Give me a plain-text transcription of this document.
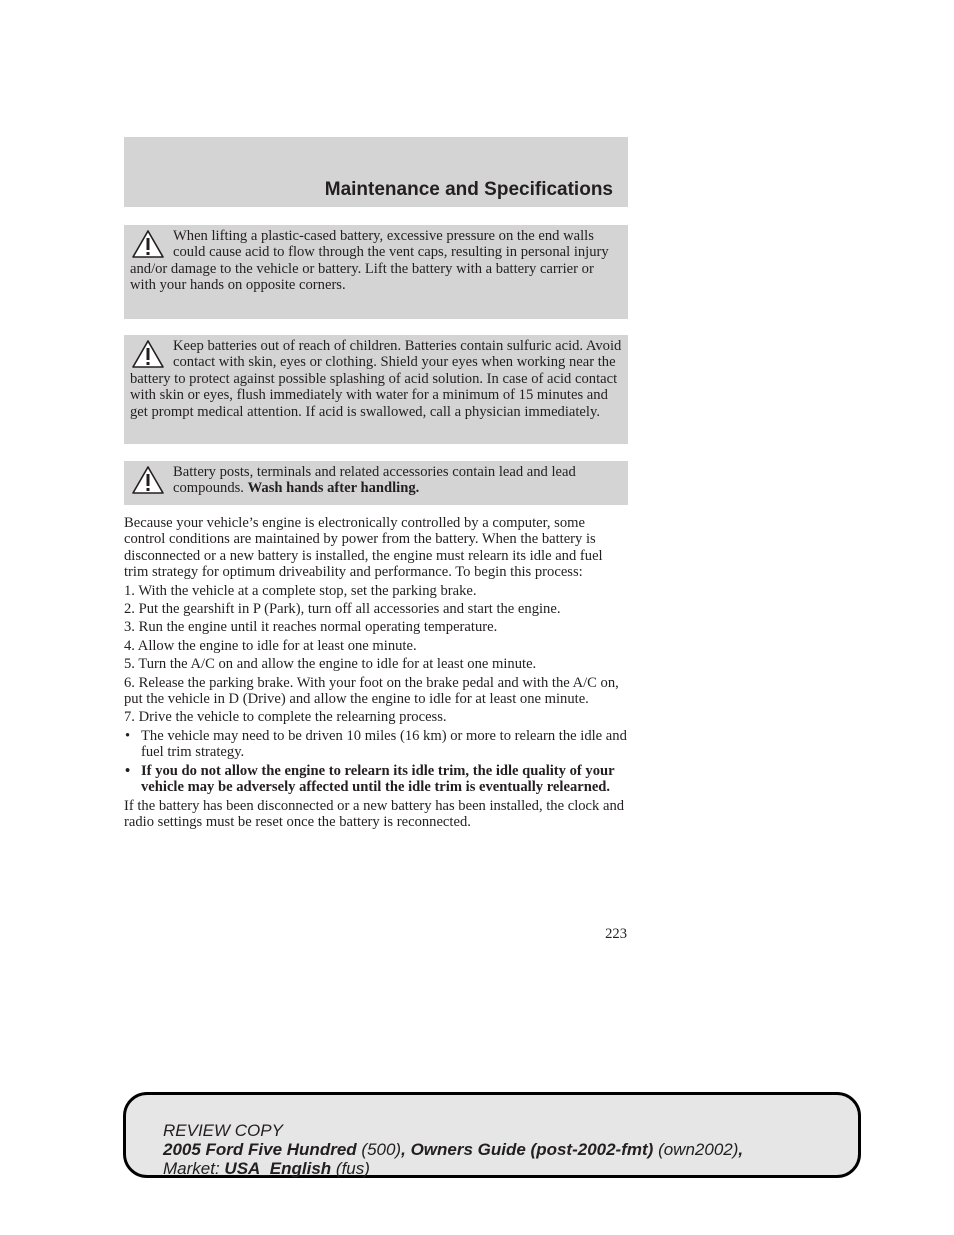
Maintenance and Specifications

When lifting a plastic-cased battery, excessive pressure on the end walls could cause acid to flow through the vent caps, resulting in personal injury and/or damage to the vehicle or battery. Lift the battery with a battery carrier or with your hands on opposite corners.

Keep batteries out of reach of children. Batteries contain sulfuric acid. Avoid contact with skin, eyes or clothing. Shield your eyes when working near the battery to protect against possible splashing of acid solution. In case of acid contact with skin or eyes, flush immediately with water for a minimum of 15 minutes and get prompt medical attention. If acid is swallowed, call a physician immediately.

Battery posts, terminals and related accessories contain lead and lead compounds. Wash hands after handling.

Because your vehicle’s engine is electronically controlled by a computer, some control conditions are maintained by power from the battery. When the battery is disconnected or a new battery is installed, the engine must relearn its idle and fuel trim strategy for optimum driveability and performance. To begin this process:

1. With the vehicle at a complete stop, set the parking brake.

2. Put the gearshift in P (Park), turn off all accessories and start the engine.

3. Run the engine until it reaches normal operating temperature.

4. Allow the engine to idle for at least one minute.

5. Turn the A/C on and allow the engine to idle for at least one minute.

6. Release the parking brake. With your foot on the brake pedal and with the A/C on, put the vehicle in D (Drive) and allow the engine to idle for at least one minute.

7. Drive the vehicle to complete the relearning process.

• The vehicle may need to be driven 10 miles (16 km) or more to relearn the idle and fuel trim strategy.
• If you do not allow the engine to relearn its idle trim, the idle quality of your vehicle may be adversely affected until the idle trim is eventually relearned.

If the battery has been disconnected or a new battery has been installed, the clock and radio settings must be reset once the battery is reconnected.

223
REVIEW COPY
2005 Ford Five Hundred (500), Owners Guide (post-2002-fmt) (own2002),
Market: USA_English (fus)
